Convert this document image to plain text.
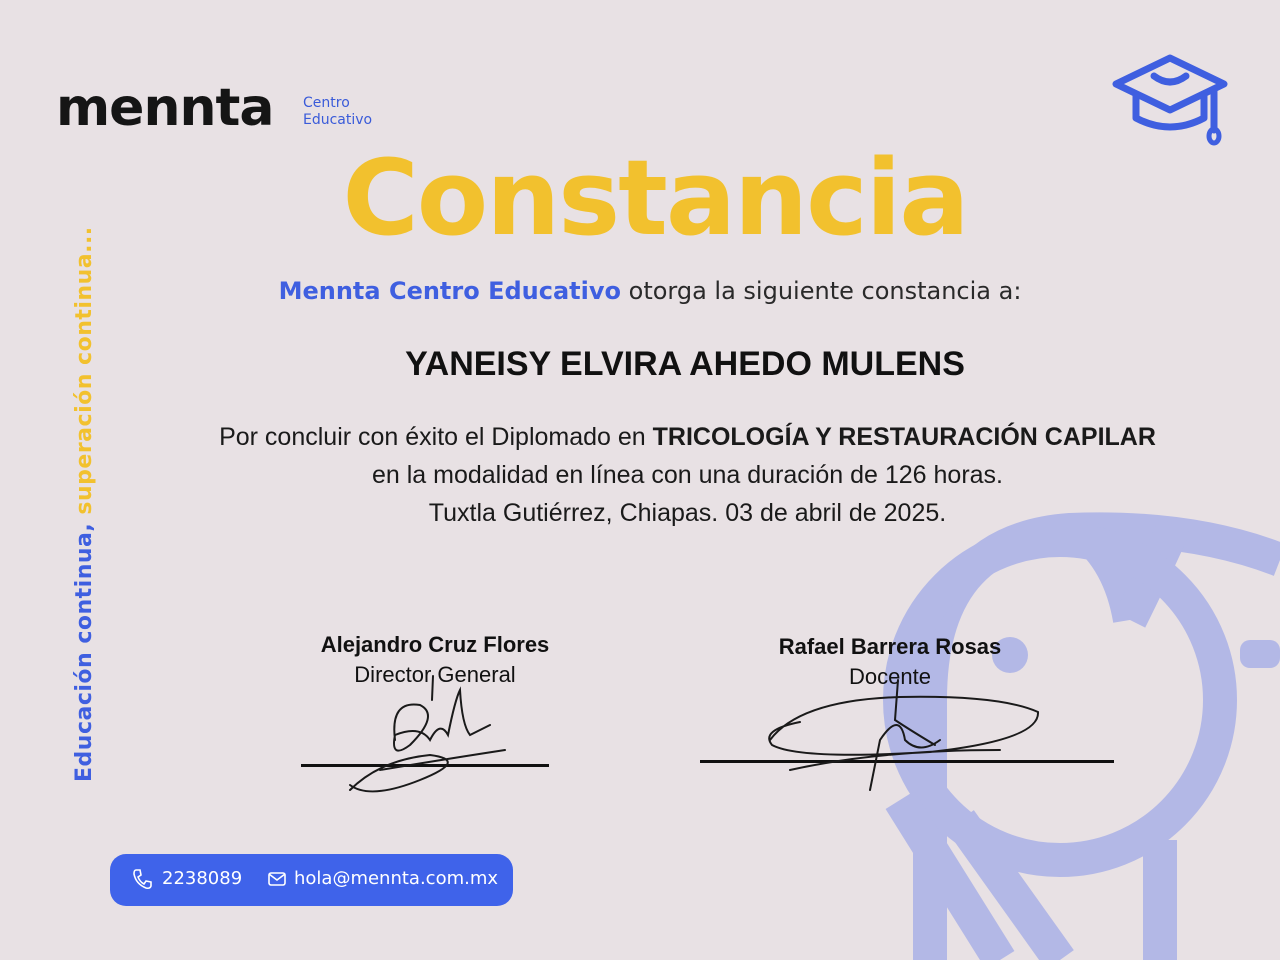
mennta Centro
Educativo
Educación continua, superación continua...
Constancia
Mennta Centro Educativo otorga la siguiente constancia a:
YANEISY ELVIRA AHEDO MULENS
Por concluir con éxito el Diplomado en TRICOLOGÍA Y RESTAURACIÓN CAPILAR en la modalidad en línea con una duración de 126 horas.
Tuxtla Gutiérrez, Chiapas. 03 de abril de 2025.
Alejandro Cruz Flores
Director General
Rafael Barrera Rosas
Docente
2238089	hola@mennta.com.mx
